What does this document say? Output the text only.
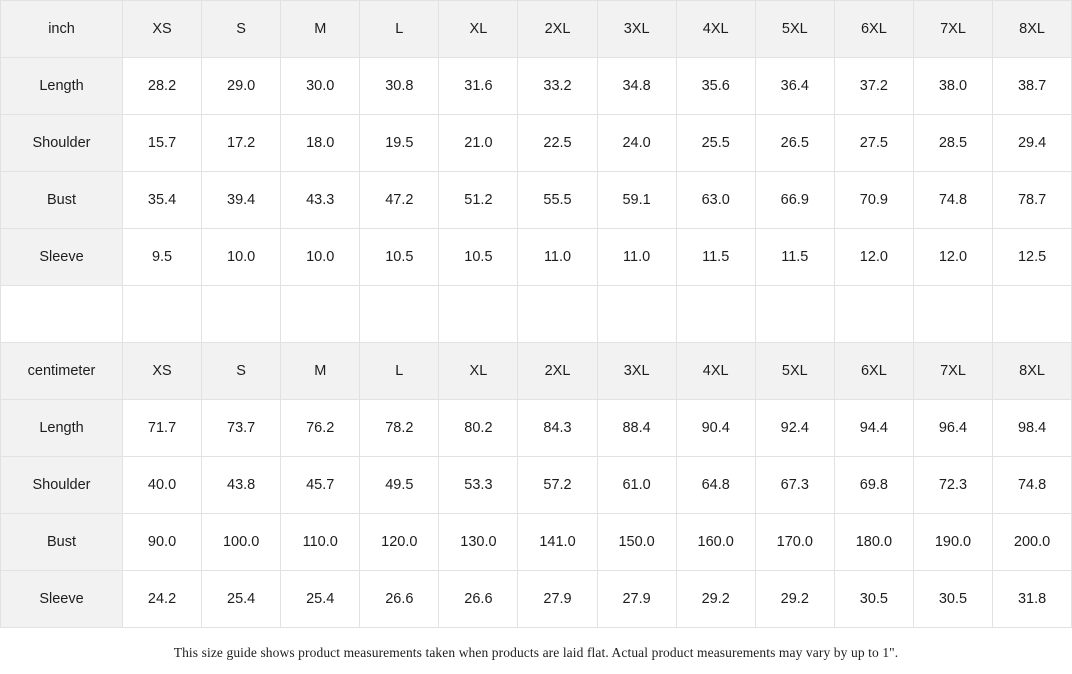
inch	XS	S	M	L	XL	2XL	3XL	4XL	5XL	6XL	7XL	8XL
Length	28.2	29.0	30.0	30.8	31.6	33.2	34.8	35.6	36.4	37.2	38.0	38.7
Shoulder	15.7	17.2	18.0	19.5	21.0	22.5	24.0	25.5	26.5	27.5	28.5	29.4
Bust	35.4	39.4	43.3	47.2	51.2	55.5	59.1	63.0	66.9	70.9	74.8	78.7
Sleeve	9.5	10.0	10.0	10.5	10.5	11.0	11.0	11.5	11.5	12.0	12.0	12.5

centimeter	XS	S	M	L	XL	2XL	3XL	4XL	5XL	6XL	7XL	8XL
Length	71.7	73.7	76.2	78.2	80.2	84.3	88.4	90.4	92.4	94.4	96.4	98.4
Shoulder	40.0	43.8	45.7	49.5	53.3	57.2	61.0	64.8	67.3	69.8	72.3	74.8
Bust	90.0	100.0	110.0	120.0	130.0	141.0	150.0	160.0	170.0	180.0	190.0	200.0
Sleeve	24.2	25.4	25.4	26.6	26.6	27.9	27.9	29.2	29.2	30.5	30.5	31.8
This size guide shows product measurements taken when products are laid flat. Actual product measurements may vary by up to 1".
